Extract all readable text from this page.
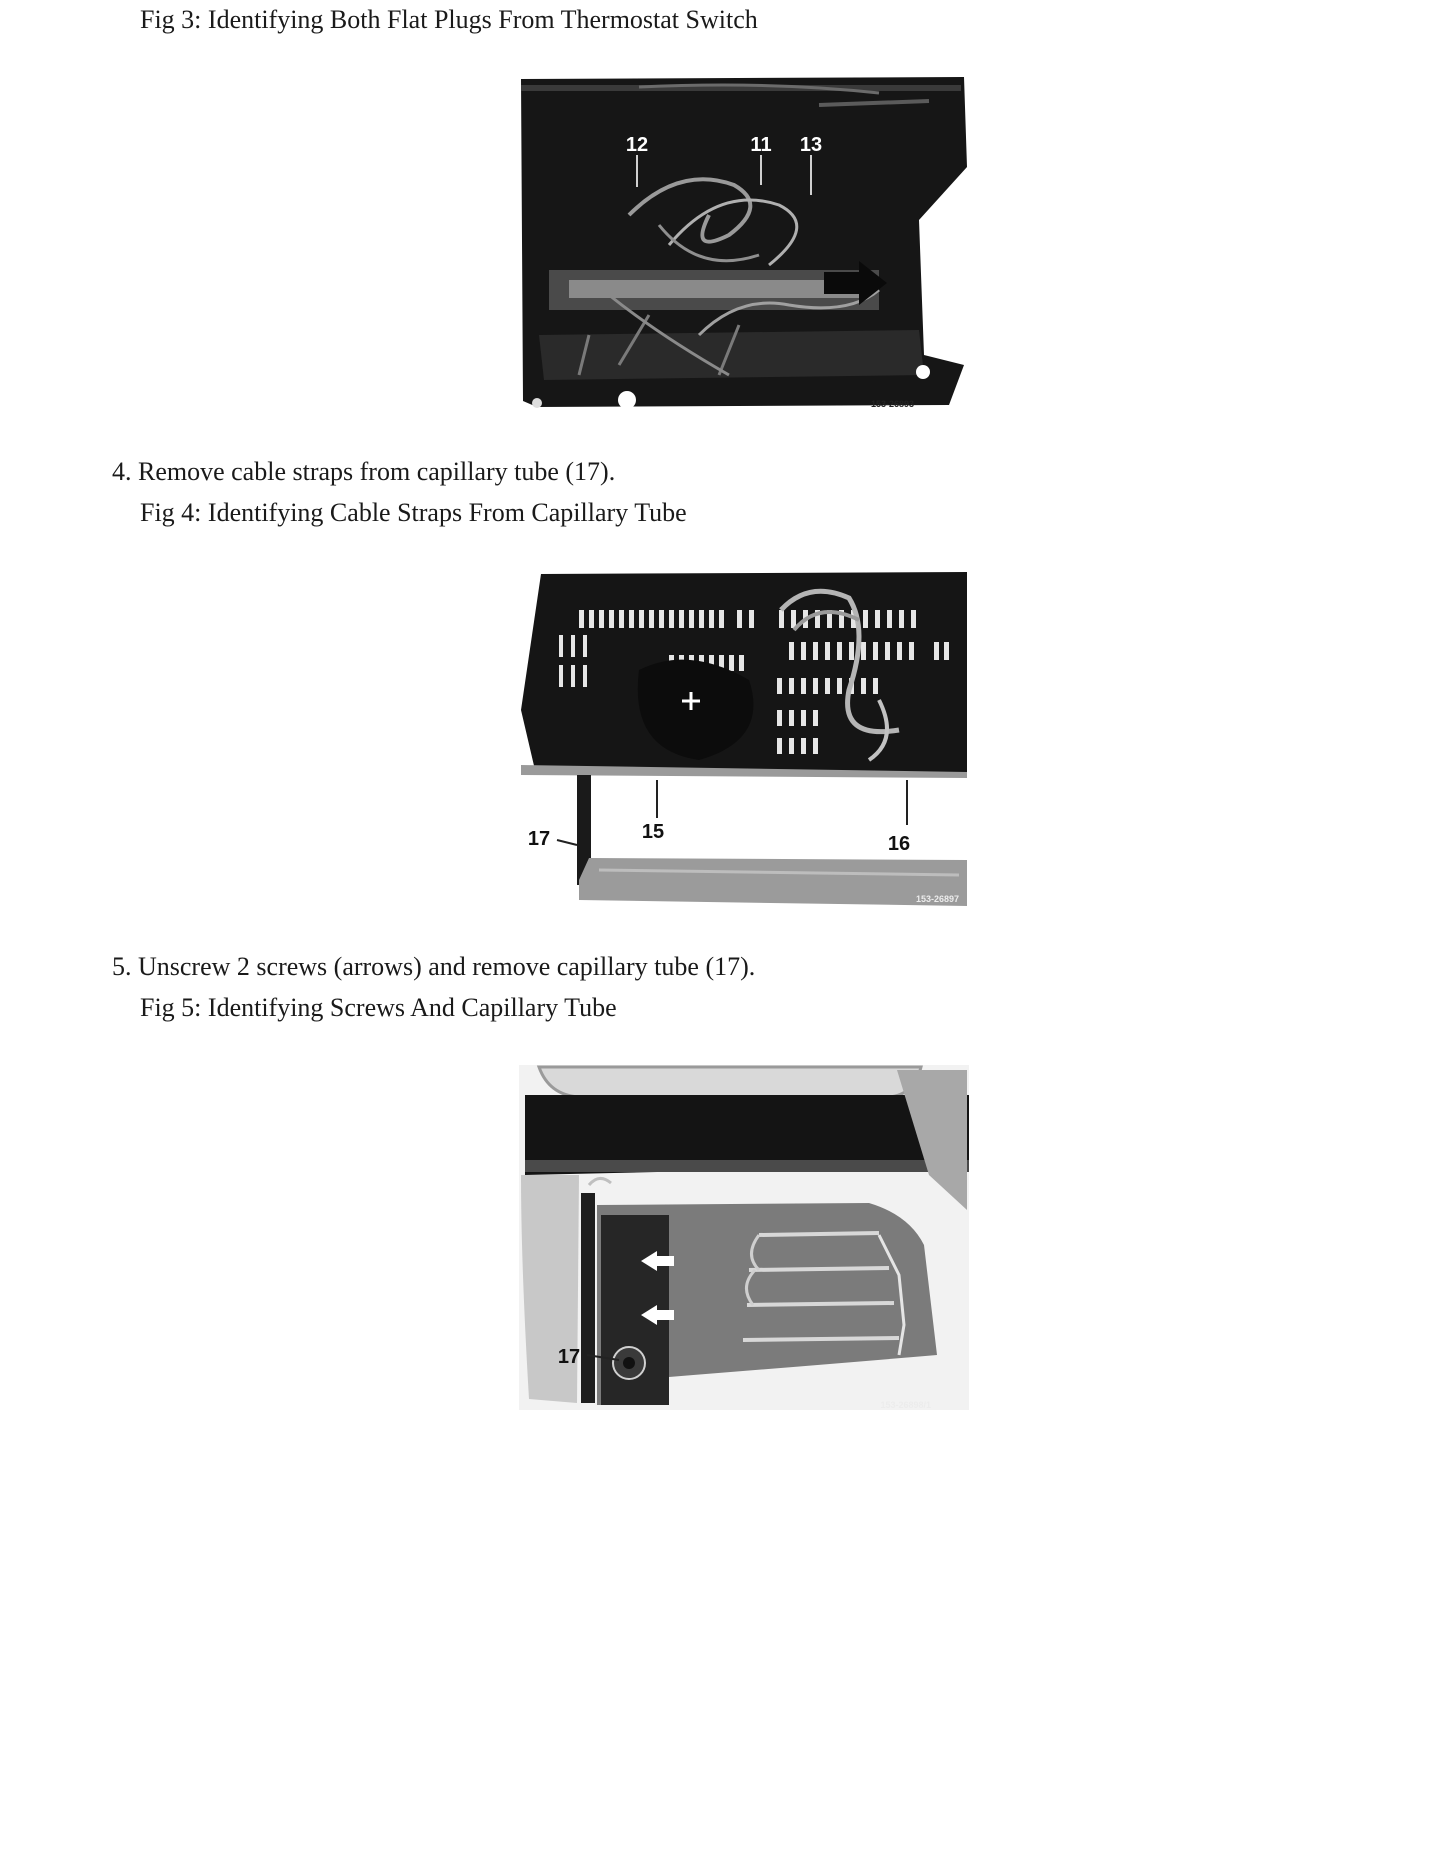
Fig 3: Identifying Both Flat Plugs From Thermostat Switch
12	11 13
153-26893
4. Remove cable straps from capillary tube (17).
Fig 4: Identifying Cable Straps From Capillary Tube
17	15
16
153-26897
5. Unscrew 2 screws (arrows) and remove capillary tube (17).
Fig 5: Identifying Screws And Capillary Tube
17
153-26898/1
